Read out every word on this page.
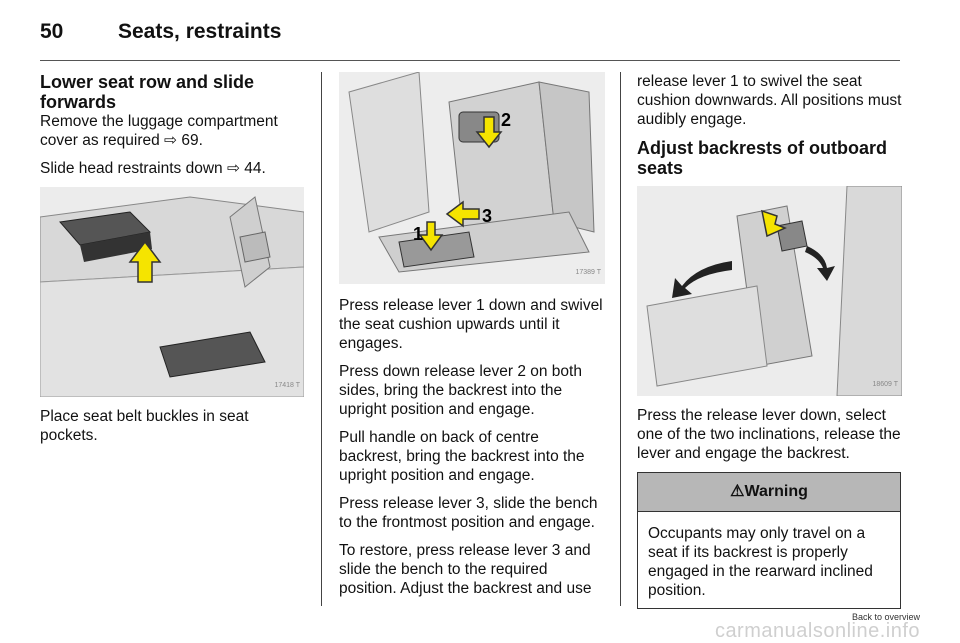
50	Seats, restraints
Lower seat row and slide forwards

Remove the luggage compartment cover as required ⇨ 69.

Slide head restraints down ⇨ 44.

17418 T

Place seat belt buckles in seat pockets.

1
2
3
17389 T

Press release lever 1 down and swivel the seat cushion upwards until it engages.

Press down release lever 2 on both sides, bring the backrest into the upright position and engage.

Pull handle on back of centre backrest, bring the backrest into the upright position and engage.

Press release lever 3, slide the bench to the frontmost position and engage.

To restore, press release lever 3 and slide the bench to the required position. Adjust the backrest and use

release lever 1 to swivel the seat cushion downwards. All positions must audibly engage.

Adjust backrests of outboard seats
18609 T

Press the release lever down, select one of the two inclinations, release the lever and engage the backrest.

⚠Warning
Occupants may only travel on a seat if its backrest is properly engaged in the rearward inclined position.
Back to overview
carmanualsonline.info
